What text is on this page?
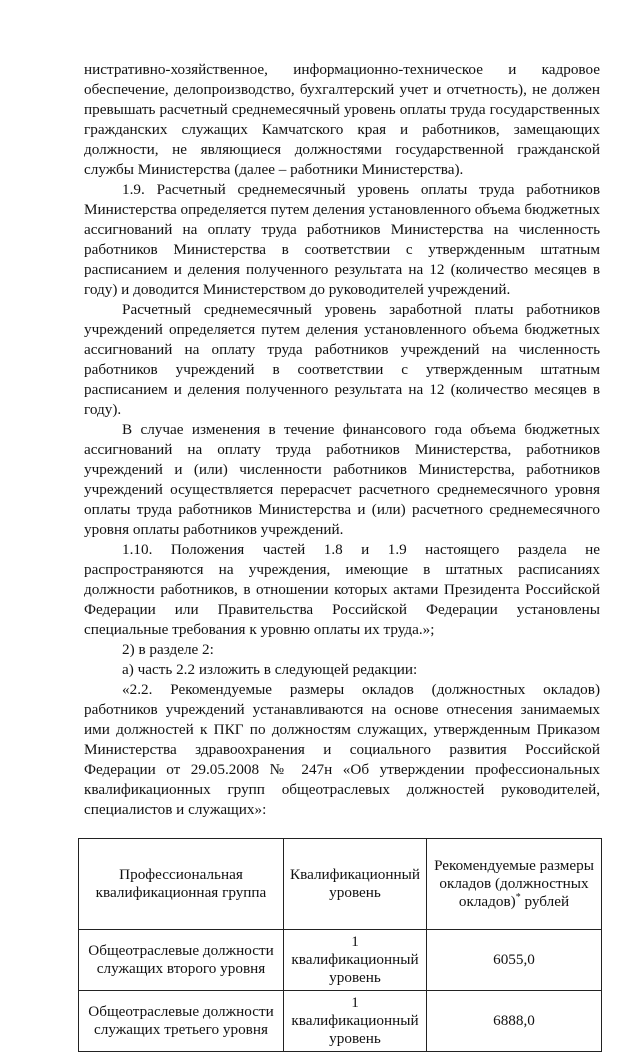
нистративно-хозяйственное, информационно-техническое и кадровое обеспечение, делопроизводство, бухгалтерский учет и отчетность), не должен превышать расчетный среднемесячный уровень оплаты труда государственных гражданских служащих Камчатского края и работников, замещающих должности, не являющиеся должностями государственной гражданской службы Министерства (далее – работники Министерства).

1.9. Расчетный среднемесячный уровень оплаты труда работников Министерства определяется путем деления установленного объема бюджетных ассигнований на оплату труда работников Министерства на численность работников Министерства в соответствии с утвержденным штатным расписанием и деления полученного результата на 12 (количество месяцев в году) и доводится Министерством до руководителей учреждений.

Расчетный среднемесячный уровень заработной платы работников учреждений определяется путем деления установленного объема бюджетных ассигнований на оплату труда работников учреждений на численность работников учреждений в соответствии с утвержденным штатным расписанием и деления полученного результата на 12 (количество месяцев в году).

В случае изменения в течение финансового года объема бюджетных ассигнований на оплату труда работников Министерства, работников учреждений и (или) численности работников Министерства, работников учреждений осуществляется перерасчет расчетного среднемесячного уровня оплаты труда работников Министерства и (или) расчетного среднемесячного уровня оплаты работников учреждений.

1.10. Положения частей 1.8 и 1.9 настоящего раздела не распространяются на учреждения, имеющие в штатных расписаниях должности работников, в отношении которых актами Президента Российской Федерации или Правительства Российской Федерации установлены специальные требования к уровню оплаты их труда.»;

2) в разделе 2:

а) часть 2.2 изложить в следующей редакции:

«2.2. Рекомендуемые размеры окладов (должностных окладов) работников учреждений устанавливаются на основе отнесения занимаемых ими должностей к ПКГ по должностям служащих, утвержденным Приказом Министерства здравоохранения и социального развития Российской Федерации от 29.05.2008 № 247н «Об утверждении профессиональных квалификационных групп общеотраслевых должностей руководителей, специалистов и служащих»:

Профессиональная квалификационная группа	Квалификационный уровень	Рекомендуемые размеры окладов (должностных окладов)* рублей
Общеотраслевые должности служащих второго уровня	1 квалификационный уровень	6055,0
Общеотраслевые должности служащих третьего уровня	1 квалификационный уровень	6888,0
